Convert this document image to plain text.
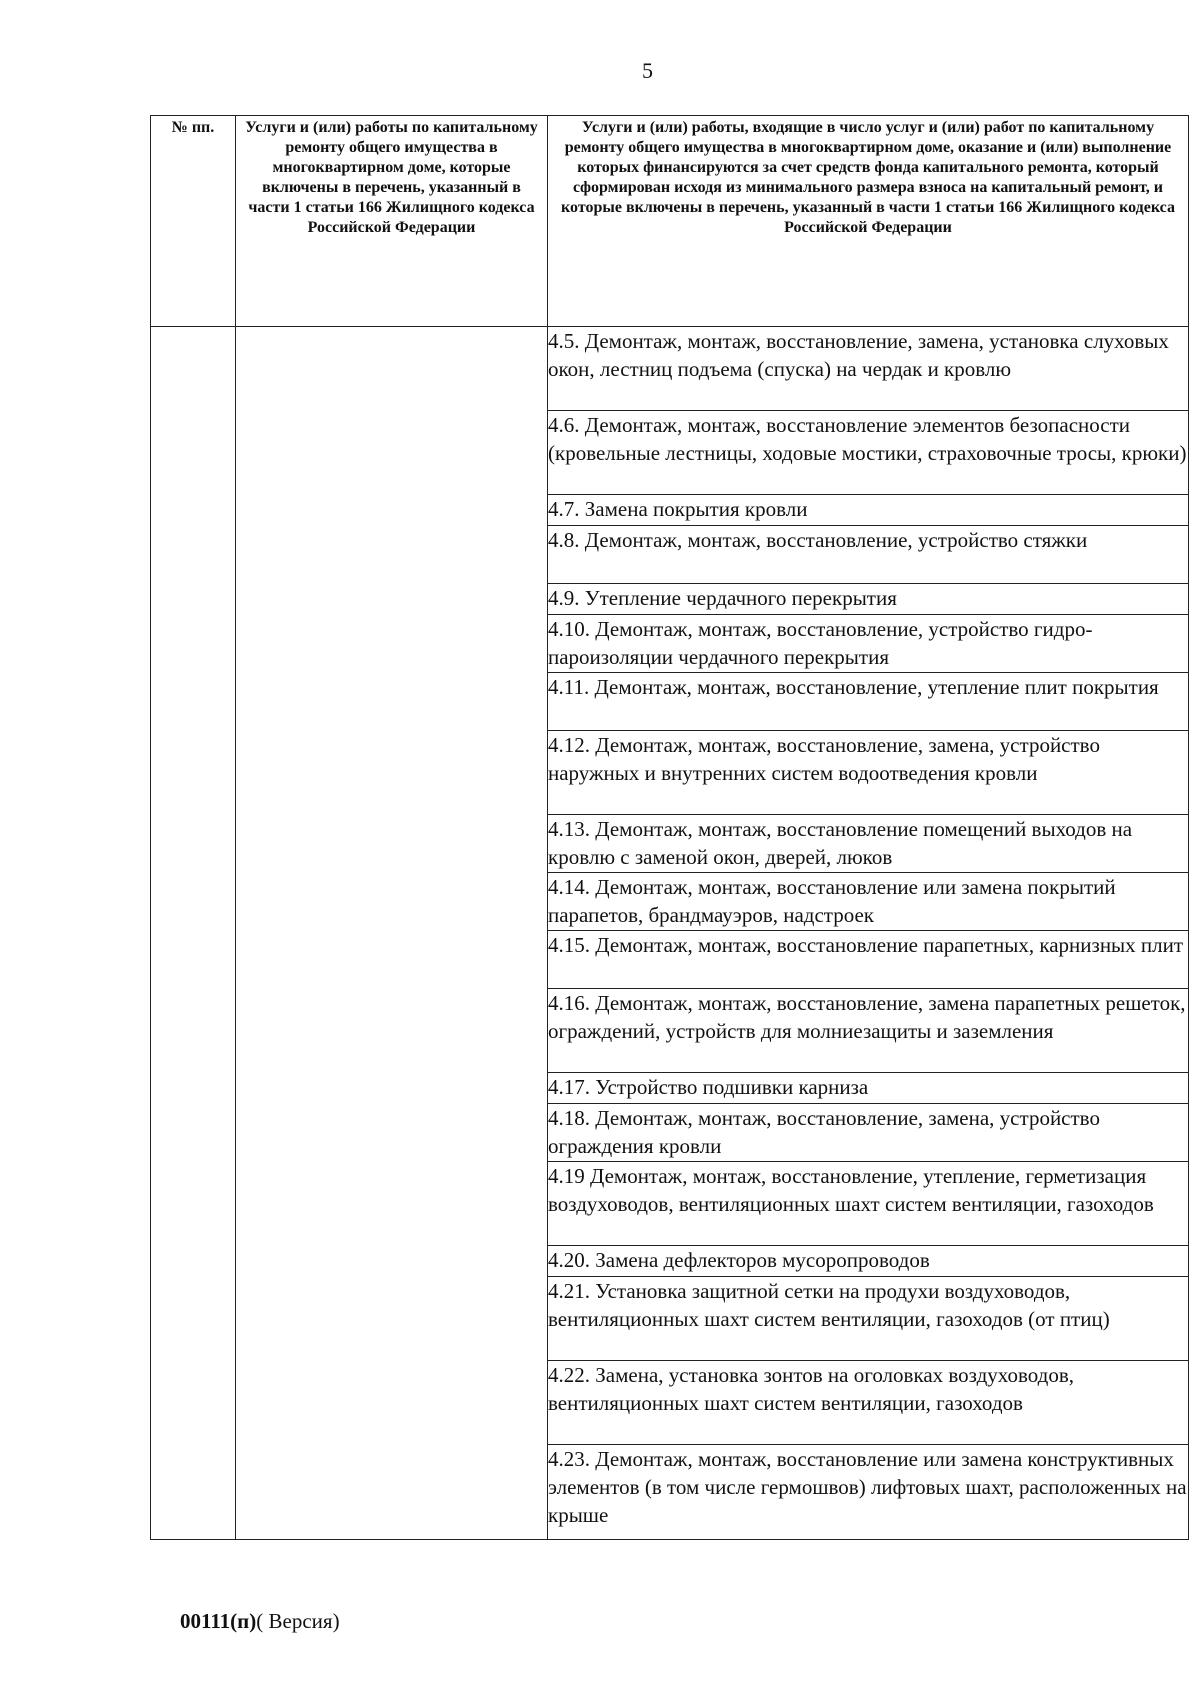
5
№ пп.	Услуги и (или) работы по капитальному ремонту общего имущества в многоквартирном доме, которые включены в перечень, указанный в части 1 статьи 166 Жилищного кодекса Российской Федерации	Услуги и (или) работы, входящие в число услуг и (или) работ по капитальному ремонту общего имущества в многоквартирном доме, оказание и (или) выполнение которых финансируются за счет средств фонда капитального ремонта, который сформирован исходя из минимального размера взноса на капитальный ремонт, и которые включены в перечень, указанный в части 1 статьи 166 Жилищного кодекса Российской Федерации
		4.5. Демонтаж, монтаж, восстановление, замена, установка слуховых окон, лестниц подъема (спуска) на чердак и кровлю
		4.6. Демонтаж, монтаж, восстановление элементов безопасности (кровельные лестницы, ходовые мостики, страховочные тросы, крюки)
		4.7. Замена покрытия кровли
		4.8. Демонтаж, монтаж, восстановление, устройство стяжки
		4.9. Утепление чердачного перекрытия
		4.10. Демонтаж, монтаж, восстановление, устройство гидро-пароизоляции чердачного перекрытия
		4.11. Демонтаж, монтаж, восстановление, утепление плит покрытия
		4.12. Демонтаж, монтаж, восстановление, замена, устройство наружных и внутренних систем водоотведения кровли
		4.13. Демонтаж, монтаж, восстановление помещений выходов на кровлю с заменой окон, дверей, люков
		4.14. Демонтаж, монтаж, восстановление или замена покрытий парапетов, брандмауэров, надстроек
		4.15. Демонтаж, монтаж, восстановление парапетных, карнизных плит
		4.16. Демонтаж, монтаж, восстановление, замена парапетных решеток, ограждений, устройств для молниезащиты и заземления
		4.17. Устройство подшивки карниза
		4.18. Демонтаж, монтаж, восстановление, замена, устройство ограждения кровли
		4.19 Демонтаж, монтаж, восстановление, утепление, герметизация воздуховодов, вентиляционных шахт систем вентиляции, газоходов
		4.20. Замена дефлекторов мусоропроводов
		4.21. Установка защитной сетки на продухи воздуховодов, вентиляционных шахт систем вентиляции, газоходов (от птиц)
		4.22. Замена, установка зонтов на оголовках воздуховодов, вентиляционных шахт систем вентиляции, газоходов
		4.23. Демонтаж, монтаж, восстановление или замена конструктивных элементов (в том числе гермошвов) лифтовых шахт, расположенных на крыше
00111(п)( Версия)
